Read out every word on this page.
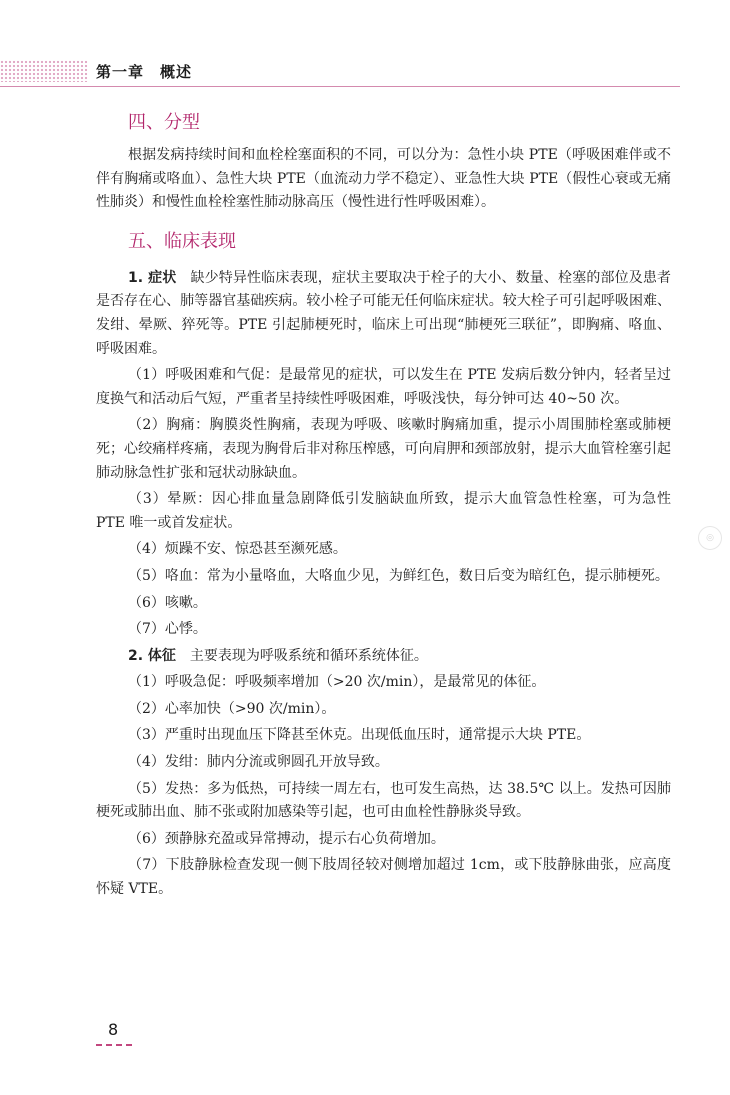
第一章　概述
四、分型

根据发病持续时间和血栓栓塞面积的不同，可以分为：急性小块 PTE（呼吸困难伴或不伴有胸痛或咯血）、急性大块 PTE（血流动力学不稳定）、亚急性大块 PTE（假性心衰或无痛性肺炎）和慢性血栓栓塞性肺动脉高压（慢性进行性呼吸困难）。

五、临床表现

1. 症状　缺少特异性临床表现，症状主要取决于栓子的大小、数量、栓塞的部位及患者是否存在心、肺等器官基础疾病。较小栓子可能无任何临床症状。较大栓子可引起呼吸困难、发绀、晕厥、猝死等。PTE 引起肺梗死时，临床上可出现“肺梗死三联征”，即胸痛、咯血、呼吸困难。

（1）呼吸困难和气促：是最常见的症状，可以发生在 PTE 发病后数分钟内，轻者呈过度换气和活动后气短，严重者呈持续性呼吸困难，呼吸浅快，每分钟可达 40~50 次。

（2）胸痛：胸膜炎性胸痛，表现为呼吸、咳嗽时胸痛加重，提示小周围肺栓塞或肺梗死；心绞痛样疼痛，表现为胸骨后非对称压榨感，可向肩胛和颈部放射，提示大血管栓塞引起肺动脉急性扩张和冠状动脉缺血。

（3）晕厥：因心排血量急剧降低引发脑缺血所致，提示大血管急性栓塞，可为急性 PTE 唯一或首发症状。

（4）烦躁不安、惊恐甚至濒死感。

（5）咯血：常为小量咯血，大咯血少见，为鲜红色，数日后变为暗红色，提示肺梗死。

（6）咳嗽。

（7）心悸。

2. 体征　主要表现为呼吸系统和循环系统体征。

（1）呼吸急促：呼吸频率增加（>20 次/min），是最常见的体征。

（2）心率加快（>90 次/min）。

（3）严重时出现血压下降甚至休克。出现低血压时，通常提示大块 PTE。

（4）发绀：肺内分流或卵圆孔开放导致。

（5）发热：多为低热，可持续一周左右，也可发生高热，达 38.5℃ 以上。发热可因肺梗死或肺出血、肺不张或附加感染等引起，也可由血栓性静脉炎导致。

（6）颈静脉充盈或异常搏动，提示右心负荷增加。

（7）下肢静脉检查发现一侧下肢周径较对侧增加超过 1cm，或下肢静脉曲张，应高度怀疑 VTE。

◎
8
